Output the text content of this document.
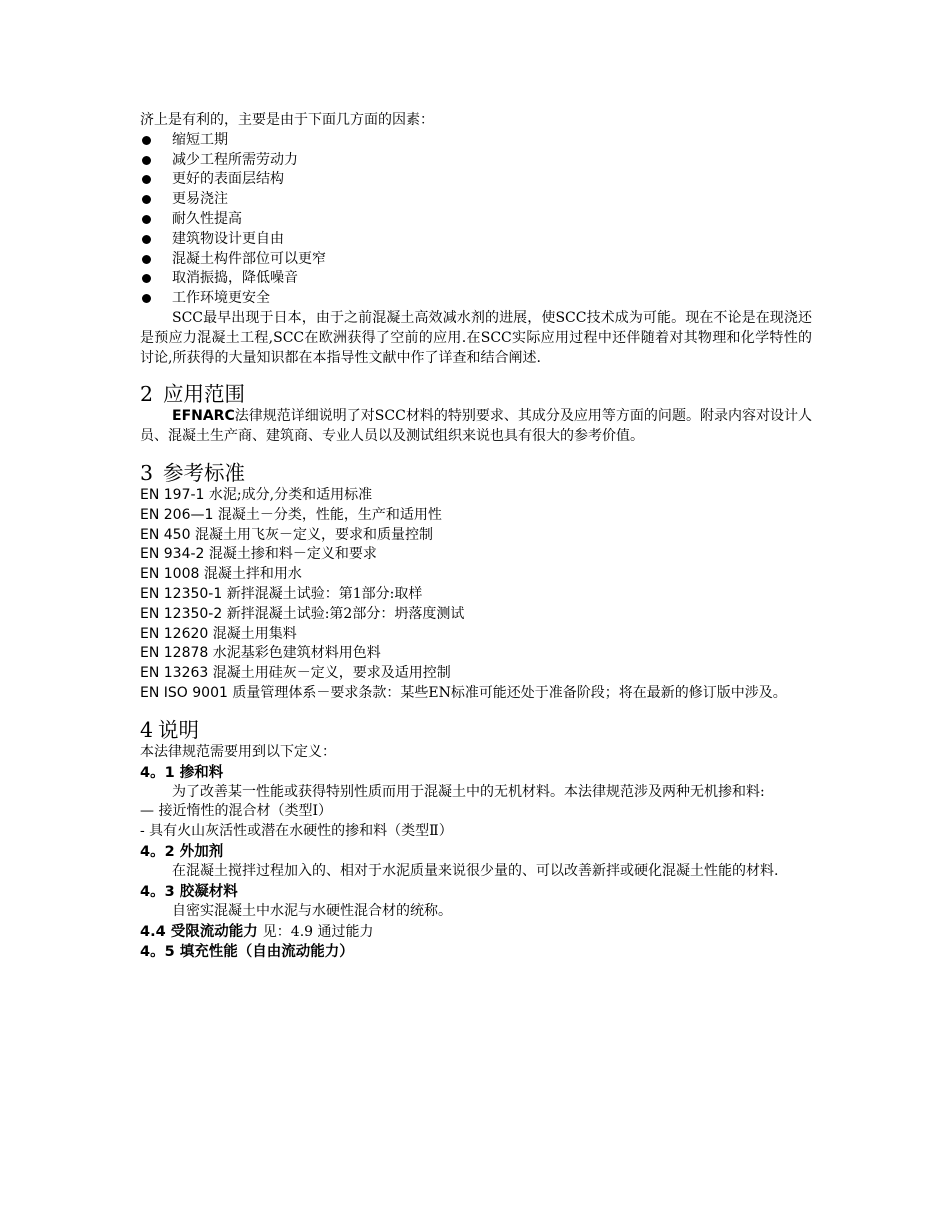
济上是有利的，主要是由于下面几方面的因素：

缩短工期
减少工程所需劳动力
更好的表面层结构
更易浇注
耐久性提高
建筑物设计更自由
混凝土构件部位可以更窄
取消振捣，降低噪音
工作环境更安全

SCC最早出现于日本，由于之前混凝土高效减水剂的进展，使SCC技术成为可能。现在不论是在现浇还是预应力混凝土工程,SCC在欧洲获得了空前的应用.在SCC实际应用过程中还伴随着对其物理和化学特性的讨论,所获得的大量知识都在本指导性文献中作了详查和结合阐述.

2 应用范围

EFNARC法律规范详细说明了对SCC材料的特别要求、其成分及应用等方面的问题。附录内容对设计人员、混凝土生产商、建筑商、专业人员以及测试组织来说也具有很大的参考价值。

3 参考标准
EN 197-1 水泥;成分,分类和适用标准
EN 206—1 混凝土－分类，性能，生产和适用性
EN 450 混凝土用飞灰－定义，要求和质量控制
EN 934-2 混凝土掺和料－定义和要求
EN 1008 混凝土拌和用水
EN 12350-1 新拌混凝土试验：第1部分:取样
EN 12350-2 新拌混凝土试验:第2部分：坍落度测试
EN 12620 混凝土用集料
EN 12878 水泥基彩色建筑材料用色料
EN 13263 混凝土用硅灰－定义，要求及适用控制
EN ISO 9001 质量管理体系－要求条款：某些EN标准可能还处于准备阶段；将在最新的修订版中涉及。
4 说明

本法律规范需要用到以下定义：

4。1 掺和料

为了改善某一性能或获得特别性质而用于混凝土中的无机材料。本法律规范涉及两种无机掺和料:

— 接近惰性的混合材（类型Ⅰ）

- 具有火山灰活性或潜在水硬性的掺和料（类型Ⅱ）

4。2 外加剂

在混凝土搅拌过程加入的、相对于水泥质量来说很少量的、可以改善新拌或硬化混凝土性能的材料.

4。3 胶凝材料

自密实混凝土中水泥与水硬性混合材的统称。

4.4 受限流动能力 见：4.9 通过能力
4。5 填充性能（自由流动能力）
